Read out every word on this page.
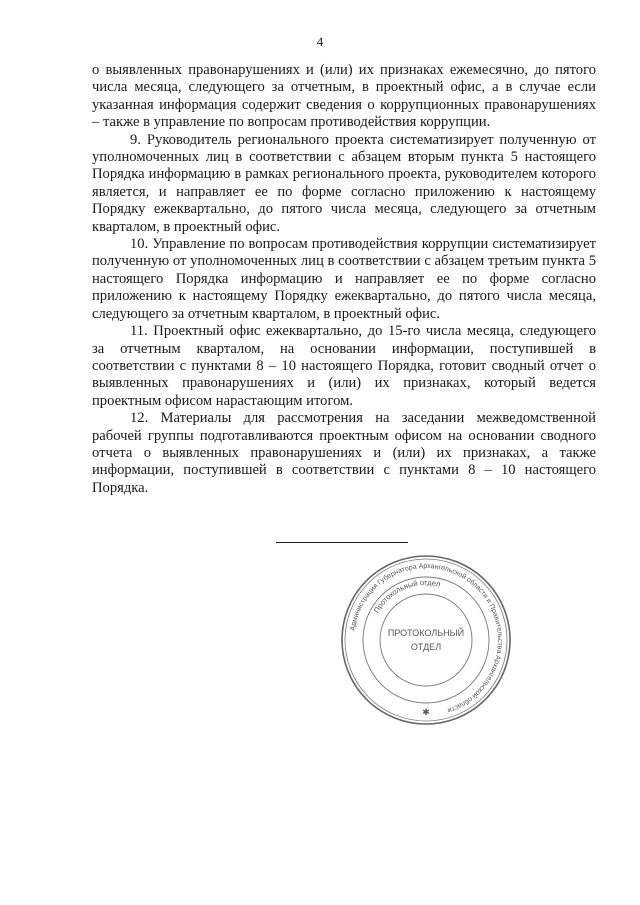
4

о выявленных правонарушениях и (или) их признаках ежемесячно, до пятого числа месяца, следующего за отчетным, в проектный офис, а в случае если указанная информация содержит сведения о коррупционных правонарушениях – также в управление по вопросам противодействия коррупции.

9. Руководитель регионального проекта систематизирует полученную от уполномоченных лиц в соответствии с абзацем вторым пункта 5 настоящего Порядка информацию в рамках регионального проекта, руководителем которого является, и направляет ее по форме согласно приложению к настоящему Порядку ежеквартально, до пятого числа месяца, следующего за отчетным кварталом, в проектный офис.

10. Управление по вопросам противодействия коррупции систематизирует полученную от уполномоченных лиц в соответствии с абзацем третьим пункта 5 настоящего Порядка информацию и направляет ее по форме согласно приложению к настоящему Порядку ежеквартально, до пятого числа месяца, следующего за отчетным кварталом, в проектный офис.

11. Проектный офис ежеквартально, до 15-го числа месяца, следующего за отчетным кварталом, на основании информации, поступившей в соответствии с пунктами 8 – 10 настоящего Порядка, готовит сводный отчет о выявленных правонарушениях и (или) их признаках, который ведется проектным офисом нарастающим итогом.

12. Материалы для рассмотрения на заседании межведомственной рабочей группы подготавливаются проектным офисом на основании сводного отчета о выявленных правонарушениях и (или) их признаках, а также информации, поступившей в соответствии с пунктами 8 – 10 настоящего Порядка.

Администрация Губернатора Архангельской области и Правительства Архангельской области
Протокольный отдел
ПРОТОКОЛЬНЫЙ
ОТДЕЛ
✱
